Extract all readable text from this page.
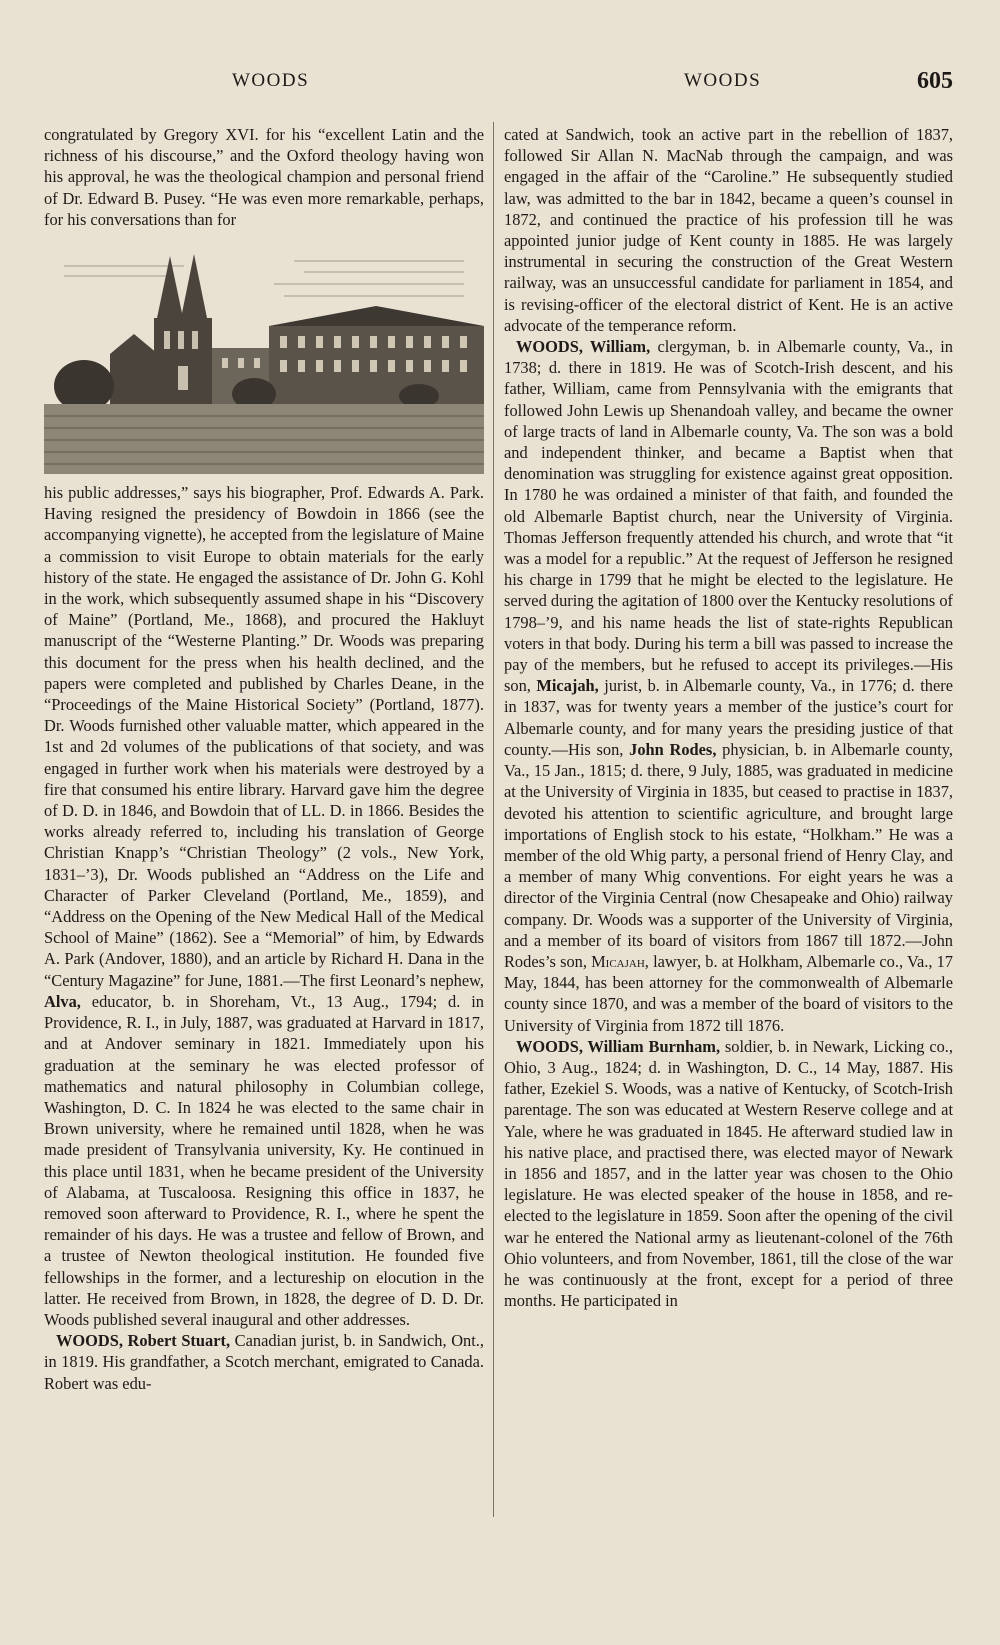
WOODS	WOODS	605

congratulated by Gregory XVI. for his “excellent Latin and the richness of his discourse,” and the Oxford theology having won his approval, he was the theological champion and personal friend of Dr. Edward B. Pusey. “He was even more remarkable, perhaps, for his conversations than for

his public addresses,” says his biographer, Prof. Edwards A. Park. Having resigned the presidency of Bowdoin in 1866 (see the accompanying vignette), he accepted from the legislature of Maine a commission to visit Europe to obtain materials for the early history of the state. He engaged the assistance of Dr. John G. Kohl in the work, which subsequently assumed shape in his “Discovery of Maine” (Portland, Me., 1868), and procured the Hakluyt manuscript of the “Westerne Planting.” Dr. Woods was preparing this document for the press when his health declined, and the papers were completed and published by Charles Deane, in the “Proceedings of the Maine Historical Society” (Portland, 1877). Dr. Woods furnished other valuable matter, which appeared in the 1st and 2d volumes of the publications of that society, and was engaged in further work when his materials were destroyed by a fire that consumed his entire library. Harvard gave him the degree of D. D. in 1846, and Bowdoin that of LL. D. in 1866. Besides the works already referred to, including his translation of George Christian Knapp’s “Christian Theology” (2 vols., New York, 1831–’3), Dr. Woods published an “Address on the Life and Character of Parker Cleveland (Portland, Me., 1859), and “Address on the Opening of the New Medical Hall of the Medical School of Maine” (1862). See a “Memorial” of him, by Edwards A. Park (Andover, 1880), and an article by Richard H. Dana in the “Century Magazine” for June, 1881.—The first Leonard’s nephew, Alva, educator, b. in Shoreham, Vt., 13 Aug., 1794; d. in Providence, R. I., in July, 1887, was graduated at Harvard in 1817, and at Andover seminary in 1821. Immediately upon his graduation at the seminary he was elected professor of mathematics and natural philosophy in Columbian college, Washington, D. C. In 1824 he was elected to the same chair in Brown university, where he remained until 1828, when he was made president of Transylvania university, Ky. He continued in this place until 1831, when he became president of the University of Alabama, at Tuscaloosa. Resigning this office in 1837, he removed soon afterward to Providence, R. I., where he spent the remainder of his days. He was a trustee and fellow of Brown, and a trustee of Newton theological institution. He founded five fellowships in the former, and a lectureship on elocution in the latter. He received from Brown, in 1828, the degree of D. D. Dr. Woods published several inaugural and other addresses.

WOODS, Robert Stuart, Canadian jurist, b. in Sandwich, Ont., in 1819. His grandfather, a Scotch merchant, emigrated to Canada. Robert was edu-

cated at Sandwich, took an active part in the rebellion of 1837, followed Sir Allan N. MacNab through the campaign, and was engaged in the affair of the “Caroline.” He subsequently studied law, was admitted to the bar in 1842, became a queen’s counsel in 1872, and continued the practice of his profession till he was appointed junior judge of Kent county in 1885. He was largely instrumental in securing the construction of the Great Western railway, was an unsuccessful candidate for parliament in 1854, and is revising-officer of the electoral district of Kent. He is an active advocate of the temperance reform.

WOODS, William, clergyman, b. in Albemarle county, Va., in 1738; d. there in 1819. He was of Scotch-Irish descent, and his father, William, came from Pennsylvania with the emigrants that followed John Lewis up Shenandoah valley, and became the owner of large tracts of land in Albemarle county, Va. The son was a bold and independent thinker, and became a Baptist when that denomination was struggling for existence against great opposition. In 1780 he was ordained a minister of that faith, and founded the old Albemarle Baptist church, near the University of Virginia. Thomas Jefferson frequently attended his church, and wrote that “it was a model for a republic.” At the request of Jefferson he resigned his charge in 1799 that he might be elected to the legislature. He served during the agitation of 1800 over the Kentucky resolutions of 1798–’9, and his name heads the list of state-rights Republican voters in that body. During his term a bill was passed to increase the pay of the members, but he refused to accept its privileges.—His son, Micajah, jurist, b. in Albemarle county, Va., in 1776; d. there in 1837, was for twenty years a member of the justice’s court for Albemarle county, and for many years the presiding justice of that county.—His son, John Rodes, physician, b. in Albemarle county, Va., 15 Jan., 1815; d. there, 9 July, 1885, was graduated in medicine at the University of Virginia in 1835, but ceased to practise in 1837, devoted his attention to scientific agriculture, and brought large importations of English stock to his estate, “Holkham.” He was a member of the old Whig party, a personal friend of Henry Clay, and a member of many Whig conventions. For eight years he was a director of the Virginia Central (now Chesapeake and Ohio) railway company. Dr. Woods was a supporter of the University of Virginia, and a member of its board of visitors from 1867 till 1872.—John Rodes’s son, Micajah, lawyer, b. at Holkham, Albemarle co., Va., 17 May, 1844, has been attorney for the commonwealth of Albemarle county since 1870, and was a member of the board of visitors to the University of Virginia from 1872 till 1876.

WOODS, William Burnham, soldier, b. in Newark, Licking co., Ohio, 3 Aug., 1824; d. in Washington, D. C., 14 May, 1887. His father, Ezekiel S. Woods, was a native of Kentucky, of Scotch-Irish parentage. The son was educated at Western Reserve college and at Yale, where he was graduated in 1845. He afterward studied law in his native place, and practised there, was elected mayor of Newark in 1856 and 1857, and in the latter year was chosen to the Ohio legislature. He was elected speaker of the house in 1858, and re-elected to the legislature in 1859. Soon after the opening of the civil war he entered the National army as lieutenant-colonel of the 76th Ohio volunteers, and from November, 1861, till the close of the war he was continuously at the front, except for a period of three months. He participated in
